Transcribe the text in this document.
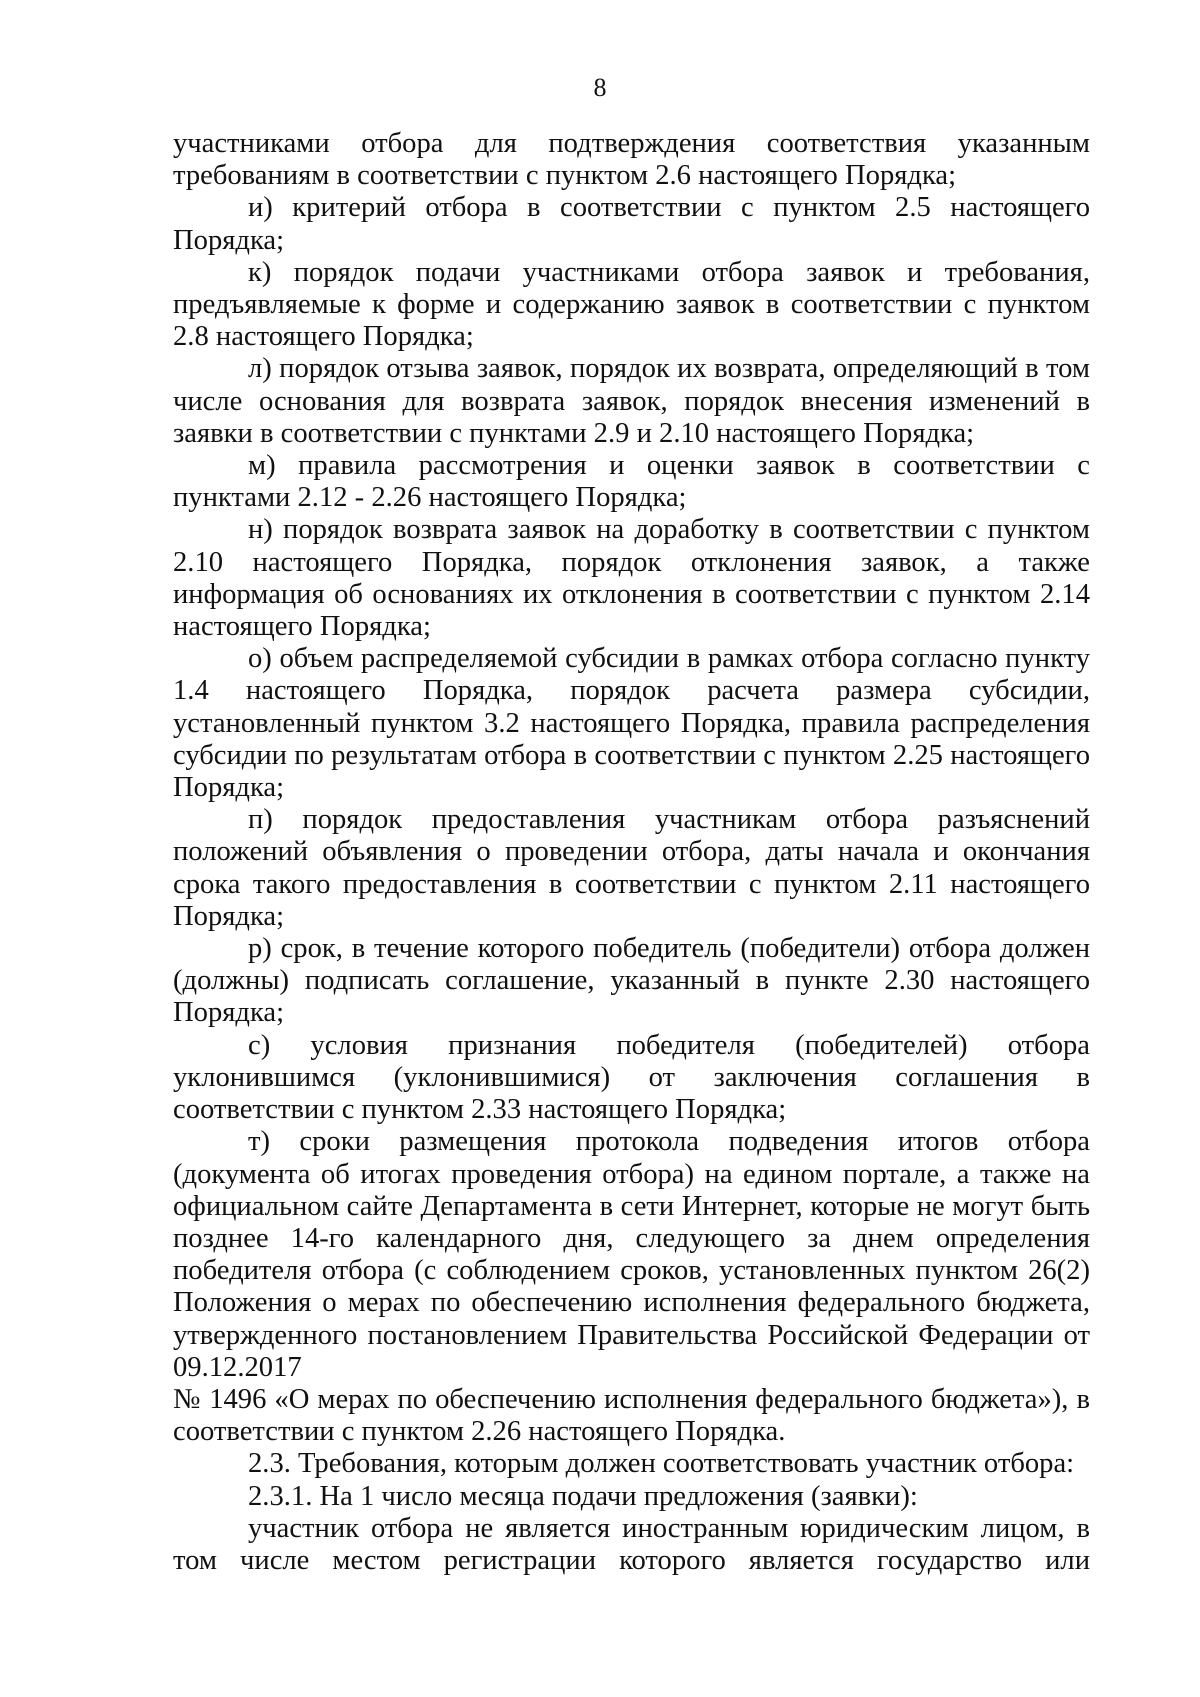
8

участниками отбора для подтверждения соответствия указанным требованиям в соответствии с пунктом 2.6 настоящего Порядка;

и) критерий отбора в соответствии с пунктом 2.5 настоящего Порядка;

к) порядок подачи участниками отбора заявок и требования, предъявляемые к форме и содержанию заявок в соответствии с пунктом 2.8 настоящего Порядка;

л) порядок отзыва заявок, порядок их возврата, определяющий в том числе основания для возврата заявок, порядок внесения изменений в заявки в соответствии с пунктами 2.9 и 2.10 настоящего Порядка;

м) правила рассмотрения и оценки заявок в соответствии с пунктами 2.12 - 2.26 настоящего Порядка;

н) порядок возврата заявок на доработку в соответствии с пунктом 2.10 настоящего Порядка, порядок отклонения заявок, а также информация об основаниях их отклонения в соответствии с пунктом 2.14 настоящего Порядка;

о) объем распределяемой субсидии в рамках отбора согласно пункту 1.4 настоящего Порядка, порядок расчета размера субсидии, установленный пунктом 3.2 настоящего Порядка, правила распределения субсидии по результатам отбора в соответствии с пунктом 2.25 настоящего Порядка;

п) порядок предоставления участникам отбора разъяснений положений объявления о проведении отбора, даты начала и окончания срока такого предоставления в соответствии с пунктом 2.11 настоящего Порядка;

р) срок, в течение которого победитель (победители) отбора должен (должны) подписать соглашение, указанный в пункте 2.30 настоящего Порядка;

с) условия признания победителя (победителей) отбора уклонившимся (уклонившимися) от заключения соглашения в соответствии с пунктом 2.33 настоящего Порядка;

т) сроки размещения протокола подведения итогов отбора (документа об итогах проведения отбора) на едином портале, а также на официальном сайте Департамента в сети Интернет, которые не могут быть позднее 14-го календарного дня, следующего за днем определения победителя отбора (с соблюдением сроков, установленных пунктом 26(2) Положения о мерах по обеспечению исполнения федерального бюджета, утвержденного постановлением Правительства Российской Федерации от 09.12.2017

№ 1496 «О мерах по обеспечению исполнения федерального бюджета»), в соответствии с пунктом 2.26 настоящего Порядка.

2.3. Требования, которым должен соответствовать участник отбора:

2.3.1. На 1 число месяца подачи предложения (заявки):

участник отбора не является иностранным юридическим лицом, в том числе местом регистрации которого является государство или
